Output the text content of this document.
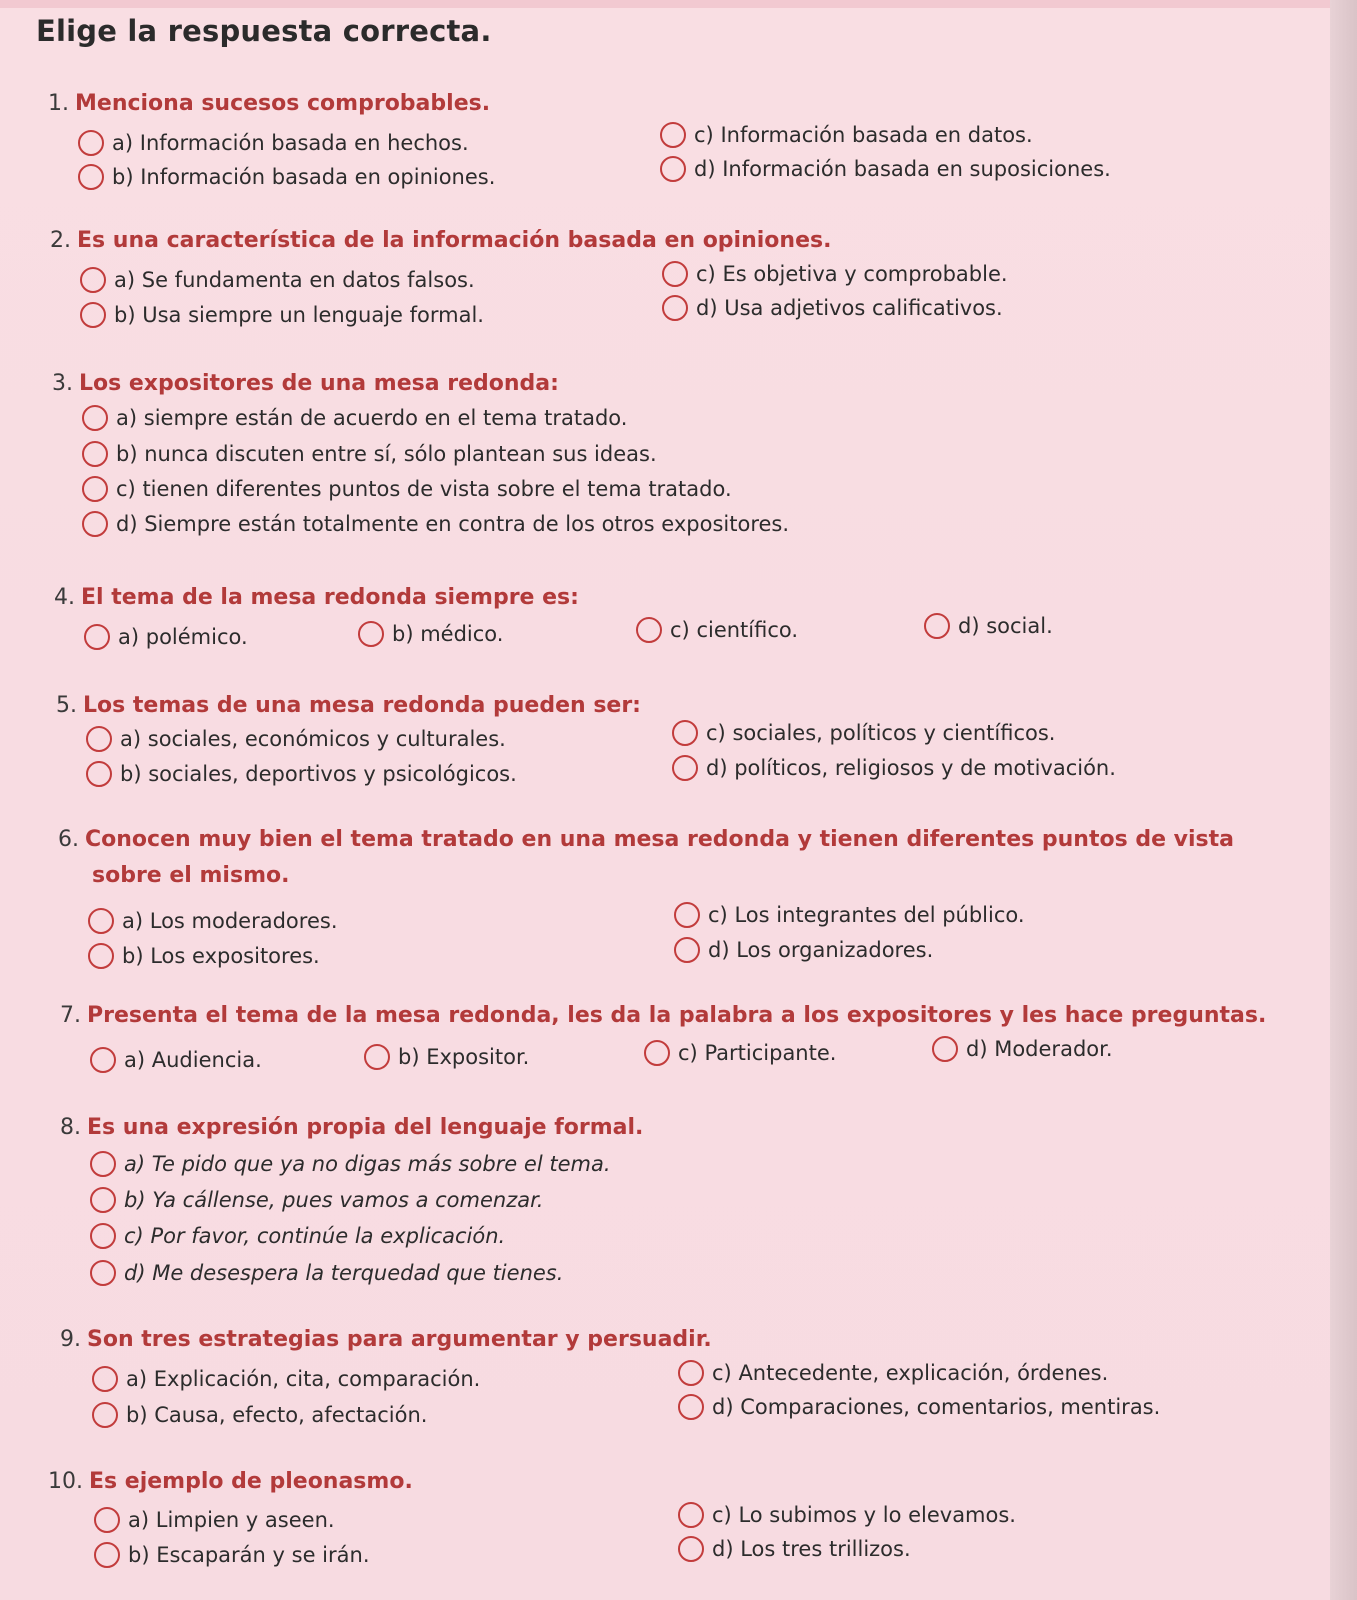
Elige la respuesta correcta.

1. Menciona sucesos comprobables.

a) Información basada en hechos.
b) Información basada en opiniones.
c) Información basada en datos.
d) Información basada en suposiciones.

2. Es una característica de la información basada en opiniones.

a) Se fundamenta en datos falsos.
b) Usa siempre un lenguaje formal.
c) Es objetiva y comprobable.
d) Usa adjetivos calificativos.

3. Los expositores de una mesa redonda:

a) siempre están de acuerdo en el tema tratado.
b) nunca discuten entre sí, sólo plantean sus ideas.
c) tienen diferentes puntos de vista sobre el tema tratado.
d) Siempre están totalmente en contra de los otros expositores.

4. El tema de la mesa redonda siempre es:

a) polémico.	b) médico.	c) científico.	d) social.

5. Los temas de una mesa redonda pueden ser:

a) sociales, económicos y culturales.
b) sociales, deportivos y psicológicos.
c) sociales, políticos y científicos.
d) políticos, religiosos y de motivación.

6. Conocen muy bien el tema tratado en una mesa redonda y tienen diferentes puntos de vista
sobre el mismo.

a) Los moderadores.
b) Los expositores.
c) Los integrantes del público.
d) Los organizadores.

7. Presenta el tema de la mesa redonda, les da la palabra a los expositores y les hace preguntas.

a) Audiencia.	b) Expositor.	c) Participante.	d) Moderador.

8. Es una expresión propia del lenguaje formal.

a) Te pido que ya no digas más sobre el tema.
b) Ya cállense, pues vamos a comenzar.
c) Por favor, continúe la explicación.
d) Me desespera la terquedad que tienes.

9. Son tres estrategias para argumentar y persuadir.

a) Explicación, cita, comparación.
b) Causa, efecto, afectación.
c) Antecedente, explicación, órdenes.
d) Comparaciones, comentarios, mentiras.

10. Es ejemplo de pleonasmo.

a) Limpien y aseen.
b) Escaparán y se irán.
c) Lo subimos y lo elevamos.
d) Los tres trillizos.
